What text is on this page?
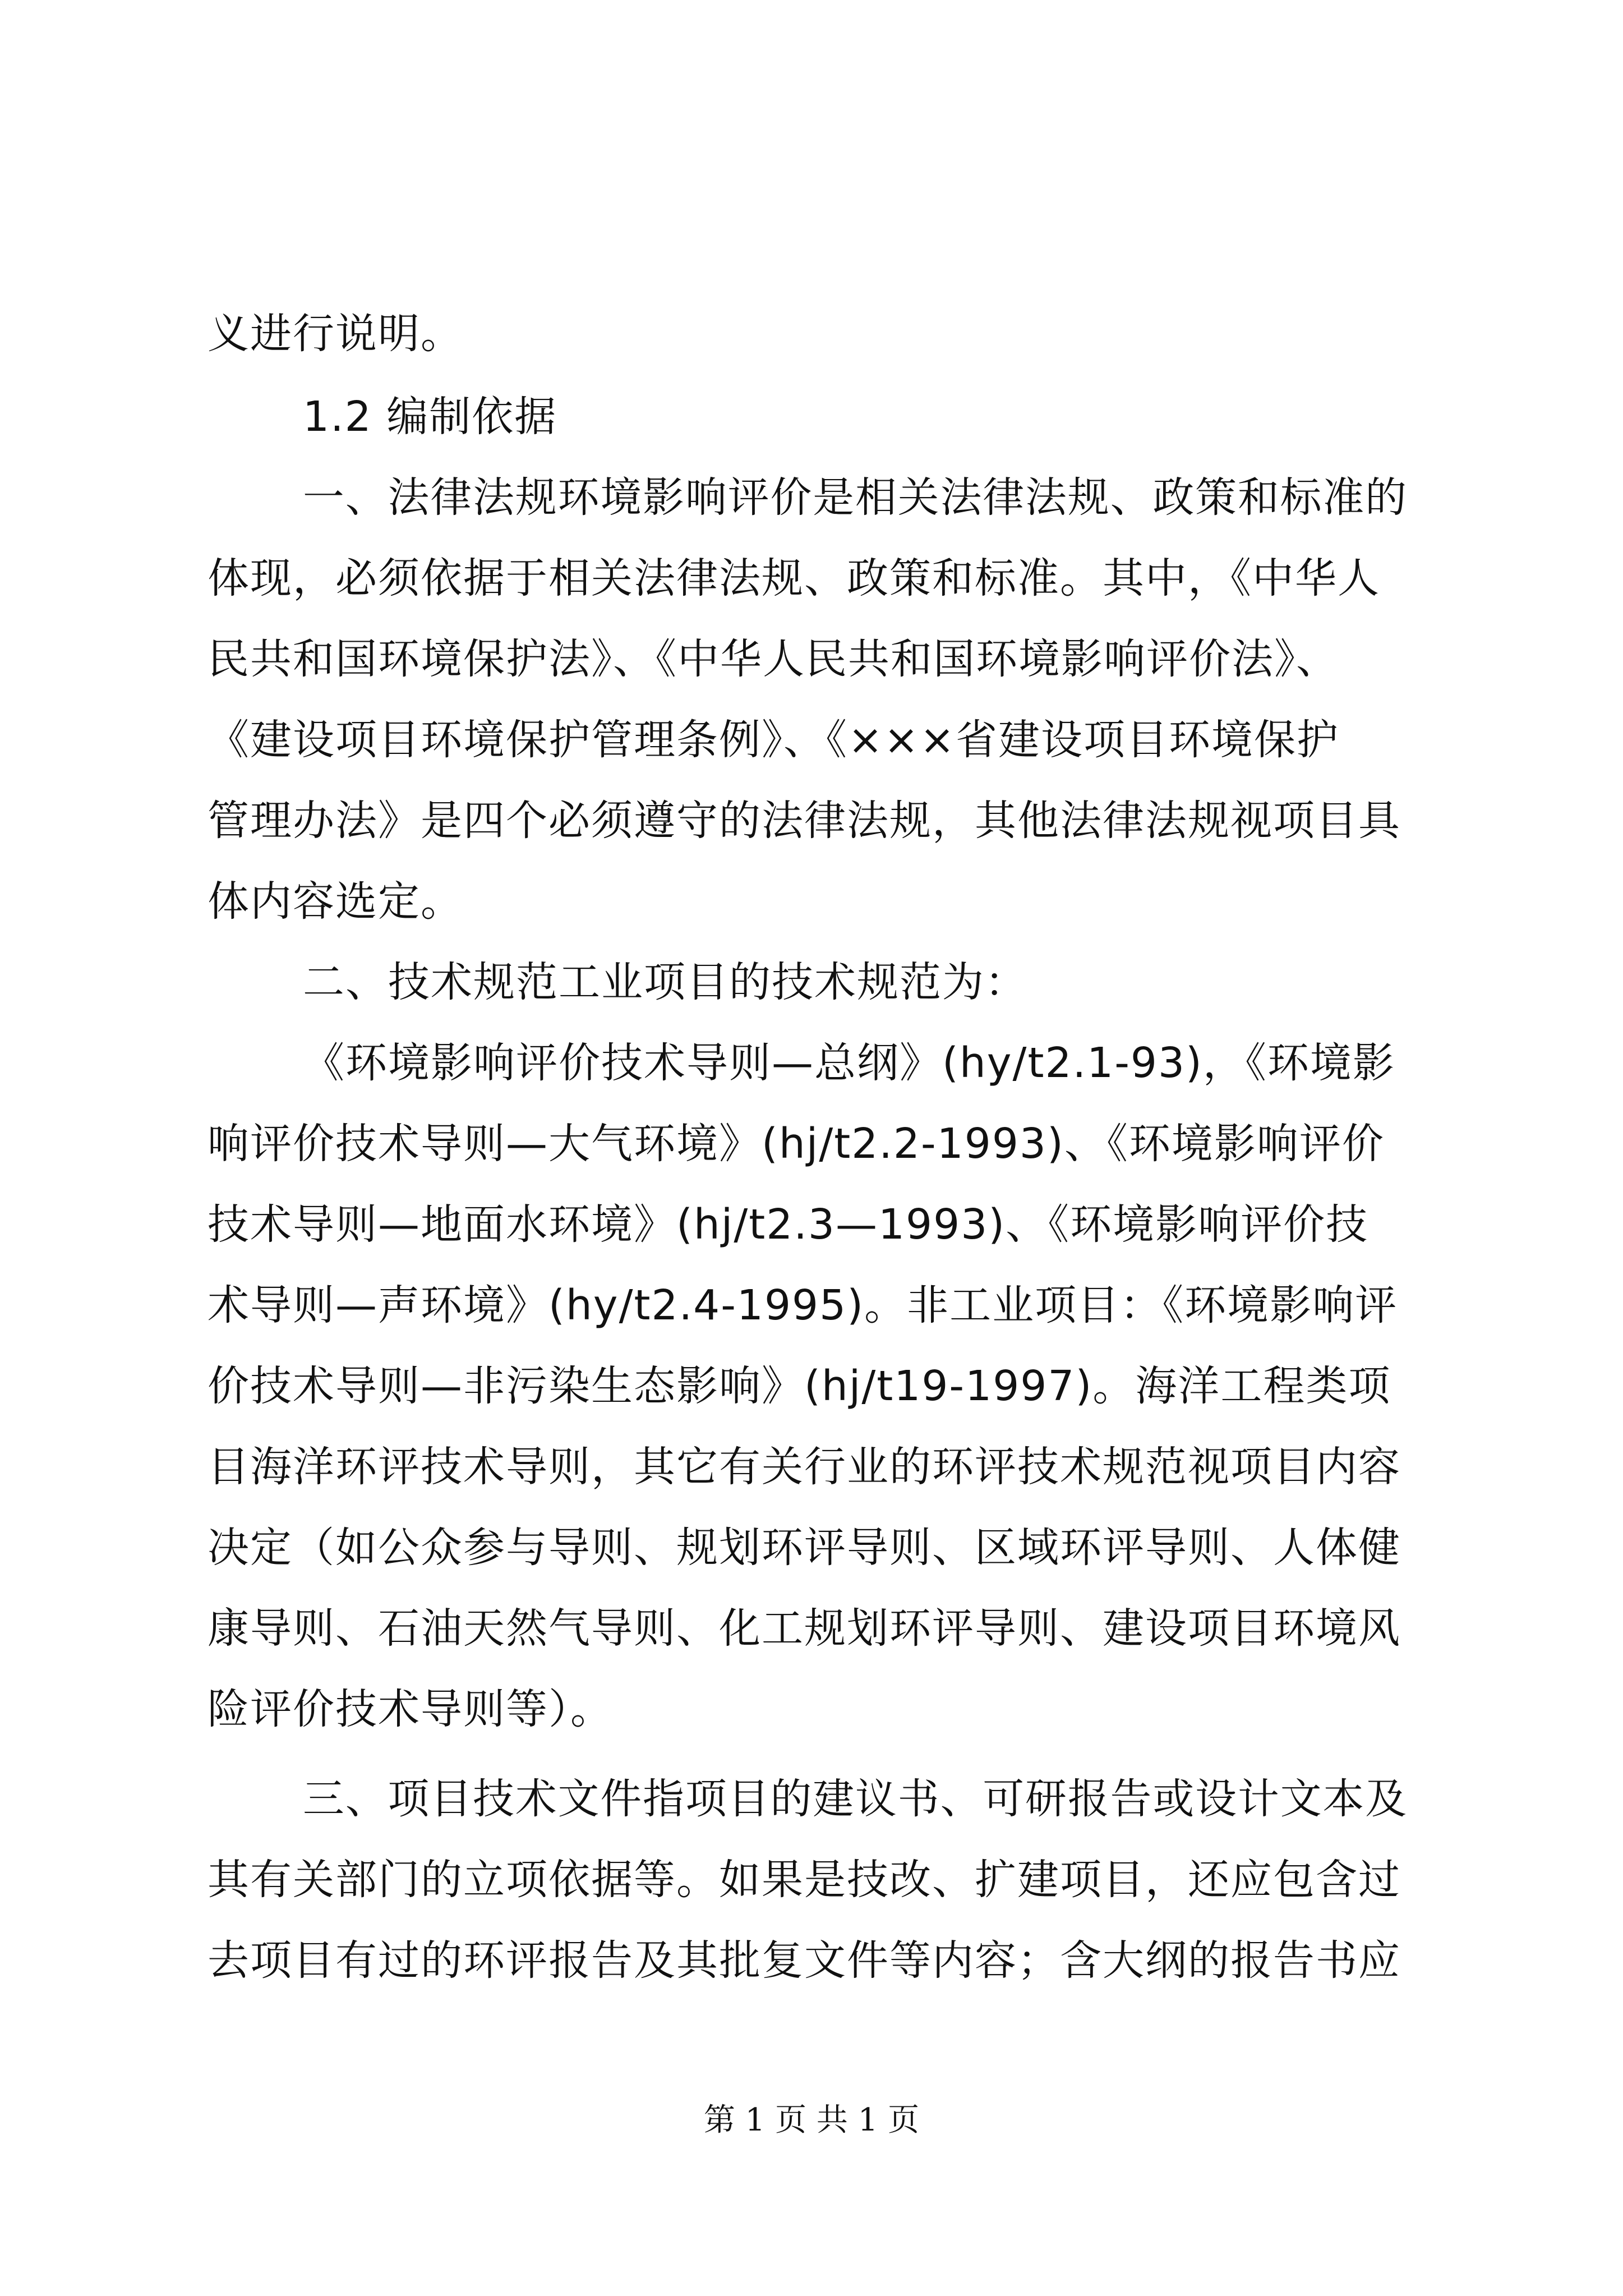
义进行说明。
1.2 编制依据
一、法律法规环境影响评价是相关法律法规、政策和标准的
体现，必须依据于相关法律法规、政策和标准。其中，《中华人
民共和国环境保护法》、《中华人民共和国环境影响评价法》、
《建设项目环境保护管理条例》、《×××省建设项目环境保护
管理办法》是四个必须遵守的法律法规，其他法律法规视项目具
体内容选定。
二、技术规范工业项目的技术规范为：
《环境影响评价技术导则—总纲》(hy/t2.1-93)，《环境影
响评价技术导则—大气环境》(hj/t2.2-1993)、《环境影响评价
技术导则—地面水环境》(hj/t2.3—1993)、《环境影响评价技
术导则—声环境》(hy/t2.4-1995)。非工业项目：《环境影响评
价技术导则—非污染生态影响》(hj/t19-1997)。海洋工程类项
目海洋环评技术导则，其它有关行业的环评技术规范视项目内容
决定（如公众参与导则、规划环评导则、区域环评导则、人体健
康导则、石油天然气导则、化工规划环评导则、建设项目环境风
险评价技术导则等）。
三、项目技术文件指项目的建议书、可研报告或设计文本及
其有关部门的立项依据等。如果是技改、扩建项目，还应包含过
去项目有过的环评报告及其批复文件等内容；含大纲的报告书应
第 1 页 共 1 页
